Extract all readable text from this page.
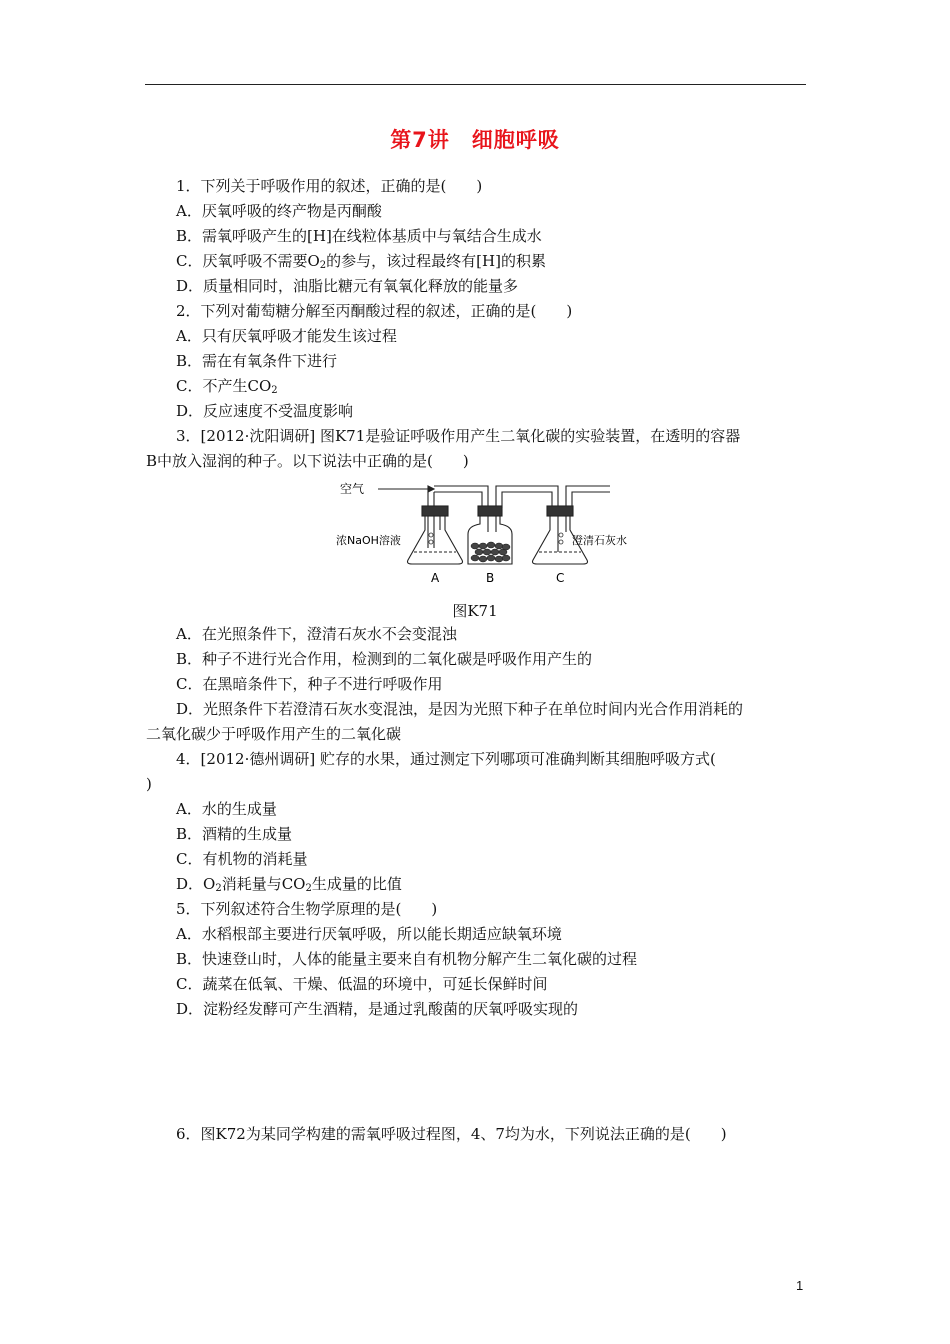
第7讲　细胞呼吸
1．下列关于呼吸作用的叙述，正确的是(　　)
A．厌氧呼吸的终产物是丙酮酸
B．需氧呼吸产生的[H]在线粒体基质中与氧结合生成水
C．厌氧呼吸不需要$O_2$的参与，该过程最终有[H]的积累
D．质量相同时，油脂比糖元有氧氧化释放的能量多
2．下列对葡萄糖分解至丙酮酸过程的叙述，正确的是(　　)
A．只有厌氧呼吸才能发生该过程
B．需在有氧条件下进行
C．不产生$CO_2$
D．反应速度不受温度影响
3．[2012·沈阳调研] 图K71是验证呼吸作用产生二氧化碳的实验装置，在透明的容器
B中放入湿润的种子。以下说法中正确的是(　　)
空气
浓NaOH溶液	澄清石灰水
A	B	C
图K71
A．在光照条件下，澄清石灰水不会变混浊
B．种子不进行光合作用，检测到的二氧化碳是呼吸作用产生的
C．在黑暗条件下，种子不进行呼吸作用
D．光照条件下若澄清石灰水变混浊，是因为光照下种子在单位时间内光合作用消耗的
二氧化碳少于呼吸作用产生的二氧化碳
4．[2012·德州调研] 贮存的水果，通过测定下列哪项可准确判断其细胞呼吸方式(
)
A．水的生成量
B．酒精的生成量
C．有机物的消耗量
D．$O_2$消耗量与$CO_2$生成量的比值
5．下列叙述符合生物学原理的是(　　)
A．水稻根部主要进行厌氧呼吸，所以能长期适应缺氧环境
B．快速登山时，人体的能量主要来自有机物分解产生二氧化碳的过程
C．蔬菜在低氧、干燥、低温的环境中，可延长保鲜时间
D．淀粉经发酵可产生酒精，是通过乳酸菌的厌氧呼吸实现的
6．图K72为某同学构建的需氧呼吸过程图，4、7均为水，下列说法正确的是(　　)
1
